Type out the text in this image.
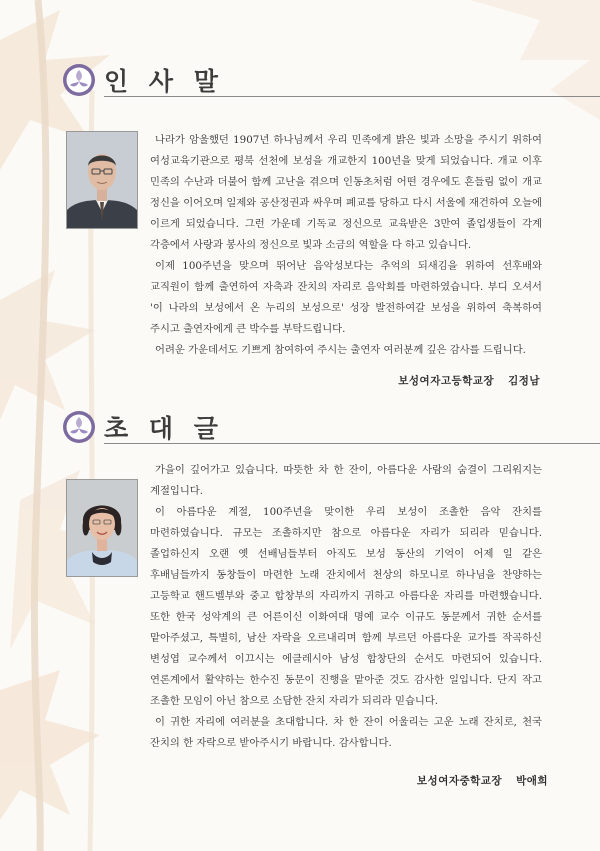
인 사 말

나라가 암울했던 1907년 하나님께서 우리 민족에게 밝은 빛과 소망을 주시기 위하여 여성교육기관으로 평북 선천에 보성을 개교한지 100년을 맞게 되었습니다. 개교 이후 민족의 수난과 더불어 함께 고난을 겪으며 인동초처럼 어떤 경우에도 흔들림 없이 개교 정신을 이어오며 일제와 공산정권과 싸우며 폐교를 당하고 다시 서울에 재건하여 오늘에 이르게 되었습니다. 그런 가운데 기독교 정신으로 교육받은 3만여 졸업생들이 각계 각층에서 사랑과 봉사의 정신으로 빛과 소금의 역할을 다 하고 있습니다.

이제 100주년을 맞으며 뛰어난 음악성보다는 추억의 되새김을 위하여 선후배와 교직원이 함께 출연하여 자축과 잔치의 자리로 음악회를 마련하였습니다. 부디 오셔서 '이 나라의 보성에서 온 누리의 보성으로' 성장 발전하여갈 보성을 위하여 축복하여 주시고 출연자에게 큰 박수를 부탁드립니다.

어려운 가운데서도 기쁘게 참여하여 주시는 출연자 여러분께 깊은 감사를 드립니다.

보성여자고등학교장 김정남
초 대 글

가을이 깊어가고 있습니다. 따뜻한 차 한 잔이, 아름다운 사람의 숨결이 그리워지는 계절입니다.

이 아름다운 계절, 100주년을 맞이한 우리 보성이 조촐한 음악 잔치를 마련하였습니다. 규모는 조촐하지만 참으로 아름다운 자리가 되리라 믿습니다. 졸업하신지 오랜 옛 선배님들부터 아직도 보성 동산의 기억이 어제 일 같은 후배님들까지 동창들이 마련한 노래 잔치에서 천상의 하모니로 하나님을 찬양하는 고등학교 핸드벨부와 중고 합창부의 자리까지 귀하고 아름다운 자리를 마련했습니다. 또한 한국 성악계의 큰 어른이신 이화여대 명예 교수 이규도 동문께서 귀한 순서를 맡아주셨고, 특별히, 남산 자락을 오르내리며 함께 부르던 아름다운 교가를 작곡하신 변성엽 교수께서 이끄시는 에클레시아 남성 합창단의 순서도 마련되어 있습니다. 연론계에서 활약하는 한수진 동문이 진행을 맡아준 것도 감사한 일입니다. 단지 작고 조촐한 모임이 아닌 참으로 소담한 잔치 자리가 되리라 믿습니다.

이 귀한 자리에 여러분을 초대합니다. 차 한 잔이 어울리는 고운 노래 잔치로, 천국 잔치의 한 자락으로 받아주시기 바랍니다. 감사합니다.

보성여자중학교장 박애희
